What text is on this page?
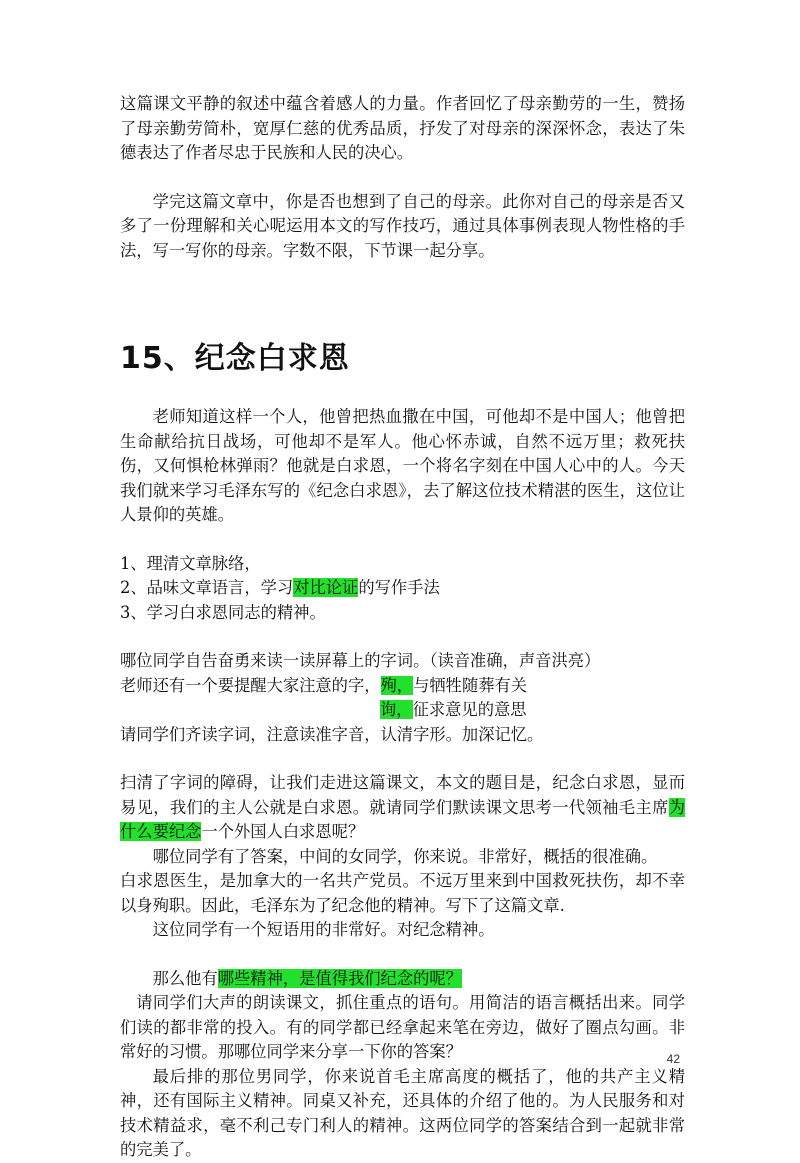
这篇课文平静的叙述中蕴含着感人的力量。作者回忆了母亲勤劳的一生，赞扬了母亲勤劳简朴，宽厚仁慈的优秀品质，抒发了对母亲的深深怀念，表达了朱德表达了作者尽忠于民族和人民的决心。

学完这篇文章中，你是否也想到了自己的母亲。此你对自己的母亲是否又多了一份理解和关心呢运用本文的写作技巧，通过具体事例表现人物性格的手法，写一写你的母亲。字数不限，下节课一起分享。

15、纪念白求恩

老师知道这样一个人，他曾把热血撒在中国，可他却不是中国人；他曾把生命献给抗日战场，可他却不是军人。他心怀赤诚，自然不远万里；救死扶伤，又何惧枪林弹雨？他就是白求恩，一个将名字刻在中国人心中的人。今天我们就来学习毛泽东写的《纪念白求恩》，去了解这位技术精湛的医生，这位让人景仰的英雄。

1、理清文章脉络，

2、品味文章语言，学习对比论证的写作手法

3、学习白求恩同志的精神。

哪位同学自告奋勇来读一读屏幕上的字词。（读音准确，声音洪亮）

老师还有一个要提醒大家注意的字，殉，与牺牲随葬有关

询，征求意见的意思

请同学们齐读字词，注意读准字音，认清字形。加深记忆。

扫清了字词的障碍，让我们走进这篇课文，本文的题目是，纪念白求恩，显而易见，我们的主人公就是白求恩。就请同学们默读课文思考一代领袖毛主席为什么要纪念一个外国人白求恩呢？

哪位同学有了答案，中间的女同学，你来说。非常好，概括的很准确。

白求恩医生，是加拿大的一名共产党员。不远万里来到中国救死扶伤，却不幸以身殉职。因此，毛泽东为了纪念他的精神。写下了这篇文章.

这位同学有一个短语用的非常好。对纪念精神。

那么他有哪些精神，是值得我们纪念的呢？

请同学们大声的朗读课文，抓住重点的语句。用简洁的语言概括出来。同学们读的都非常的投入。有的同学都已经拿起来笔在旁边，做好了圈点勾画。非常好的习惯。那哪位同学来分享一下你的答案？

最后排的那位男同学，你来说首毛主席高度的概括了，他的共产主义精神，还有国际主义精神。同桌又补充，还具体的介绍了他的。为人民服务和对技术精益求，毫不利己专门利人的精神。这两位同学的答案结合到一起就非常的完美了。

42
